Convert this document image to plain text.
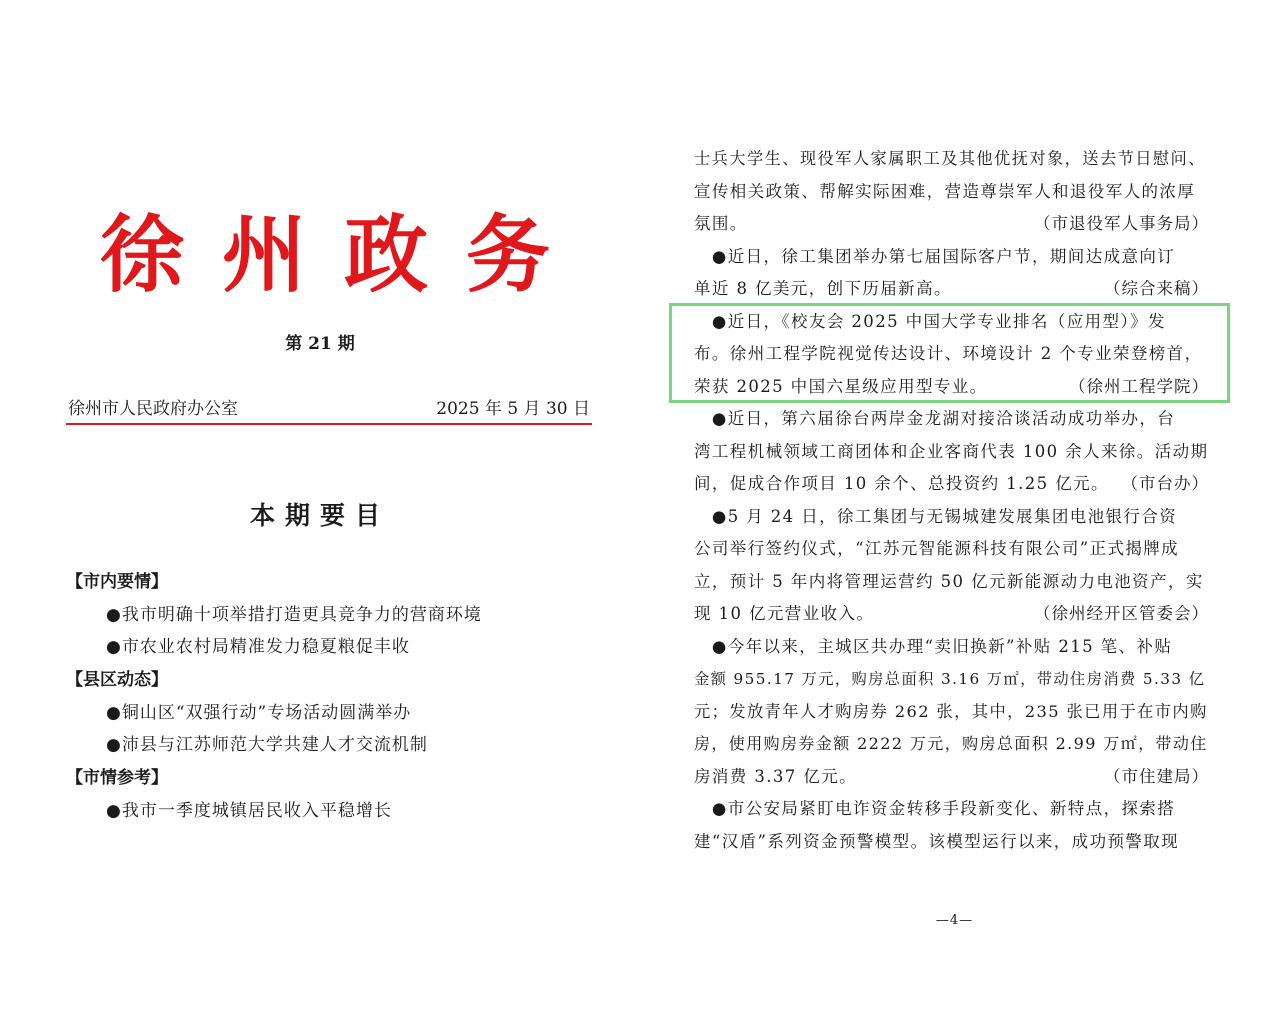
徐 州 政 务
第 21 期
徐州市人民政府办公室	2025 年 5 月 30 日
本期要目
【市内要情】
●我市明确十项举措打造更具竞争力的营商环境
●市农业农村局精准发力稳夏粮促丰收
【县区动态】
●铜山区“双强行动”专场活动圆满举办
●沛县与江苏师范大学共建人才交流机制
【市情参考】
●我市一季度城镇居民收入平稳增长
士兵大学生、现役军人家属职工及其他优抚对象，送去节日慰问、
宣传相关政策、帮解实际困难，营造尊崇军人和退役军人的浓厚
氛围。	（市退役军人事务局）
　●近日，徐工集团举办第七届国际客户节，期间达成意向订
单近 8 亿美元，创下历届新高。	（综合来稿）
　●近日，《校友会 2025 中国大学专业排名（应用型）》发
布。徐州工程学院视觉传达设计、环境设计 2 个专业荣登榜首，
荣获 2025 中国六星级应用型专业。	（徐州工程学院）
　●近日，第六届徐台两岸金龙湖对接洽谈活动成功举办，台
湾工程机械领域工商团体和企业客商代表 100 余人来徐。活动期
间，促成合作项目 10 余个、总投资约 1.25 亿元。 （市台办）
　●5 月 24 日，徐工集团与无锡城建发展集团电池银行合资
公司举行签约仪式，“江苏元智能源科技有限公司”正式揭牌成
立，预计 5 年内将管理运营约 50 亿元新能源动力电池资产，实
现 10 亿元营业收入。	（徐州经开区管委会）
　●今年以来，主城区共办理“卖旧换新”补贴 215 笔、补贴
金额 955.17 万元，购房总面积 3.16 万㎡，带动住房消费 5.33 亿
元；发放青年人才购房券 262 张，其中，235 张已用于在市内购
房，使用购房券金额 2222 万元，购房总面积 2.99 万㎡，带动住
房消费 3.37 亿元。	（市住建局）
　●市公安局紧盯电诈资金转移手段新变化、新特点，探索搭
建“汉盾”系列资金预警模型。该模型运行以来，成功预警取现
—4—
